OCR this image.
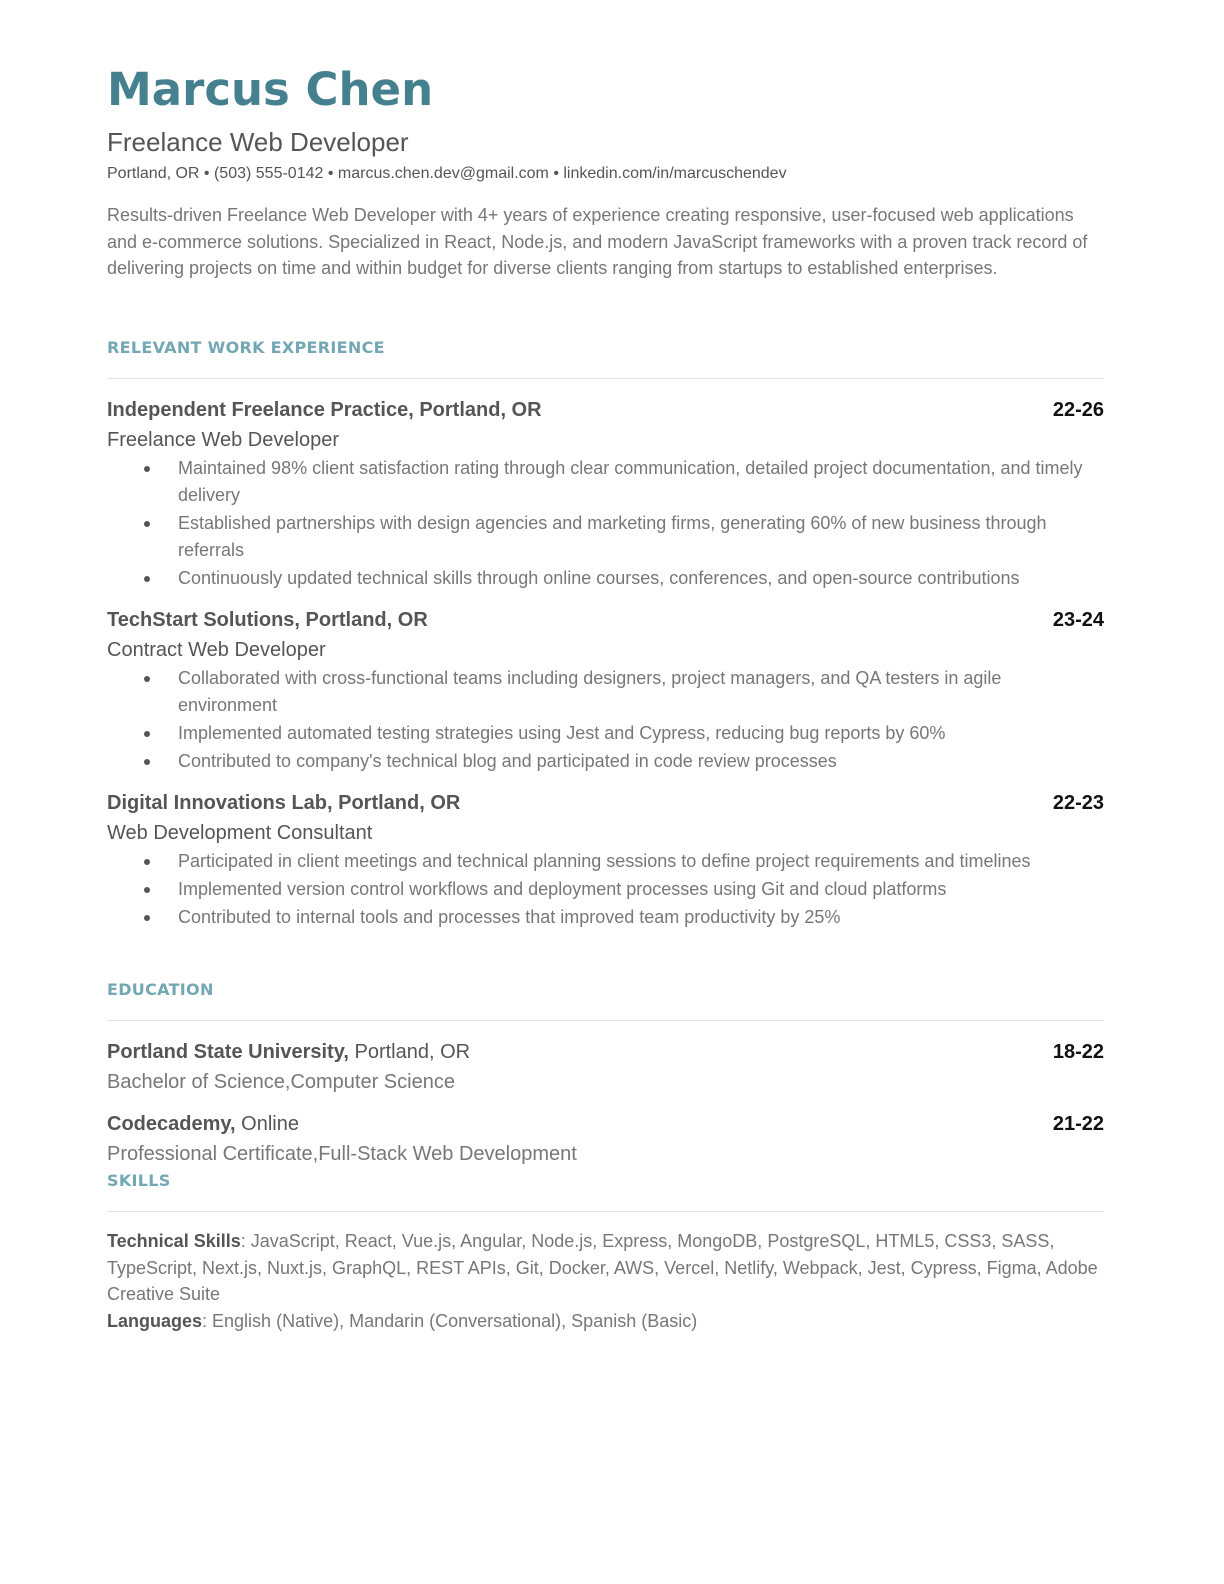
Marcus Chen
Freelance Web Developer
Portland, OR • (503) 555-0142 • marcus.chen.dev@gmail.com • linkedin.com/in/marcuschendev
Results-driven Freelance Web Developer with 4+ years of experience creating responsive, user-focused web applications and e-commerce solutions. Specialized in React, Node.js, and modern JavaScript frameworks with a proven track record of delivering projects on time and within budget for diverse clients ranging from startups to established enterprises.
RELEVANT WORK EXPERIENCE
Independent Freelance Practice, Portland, OR	22-26
Freelance Web Developer
Maintained 98% client satisfaction rating through clear communication, detailed project documentation, and timely delivery
Established partnerships with design agencies and marketing firms, generating 60% of new business through referrals
Continuously updated technical skills through online courses, conferences, and open-source contributions
TechStart Solutions, Portland, OR	23-24
Contract Web Developer
Collaborated with cross-functional teams including designers, project managers, and QA testers in agile environment
Implemented automated testing strategies using Jest and Cypress, reducing bug reports by 60%
Contributed to company's technical blog and participated in code review processes
Digital Innovations Lab, Portland, OR	22-23
Web Development Consultant
Participated in client meetings and technical planning sessions to define project requirements and timelines
Implemented version control workflows and deployment processes using Git and cloud platforms
Contributed to internal tools and processes that improved team productivity by 25%
EDUCATION
Portland State University, Portland, OR	18-22
Bachelor of Science,Computer Science
Codecademy, Online	21-22
Professional Certificate,Full-Stack Web Development
SKILLS

Technical Skills: JavaScript, React, Vue.js, Angular, Node.js, Express, MongoDB, PostgreSQL, HTML5, CSS3, SASS, TypeScript, Next.js, Nuxt.js, GraphQL, REST APIs, Git, Docker, AWS, Vercel, Netlify, Webpack, Jest, Cypress, Figma, Adobe Creative Suite

Languages: English (Native), Mandarin (Conversational), Spanish (Basic)
